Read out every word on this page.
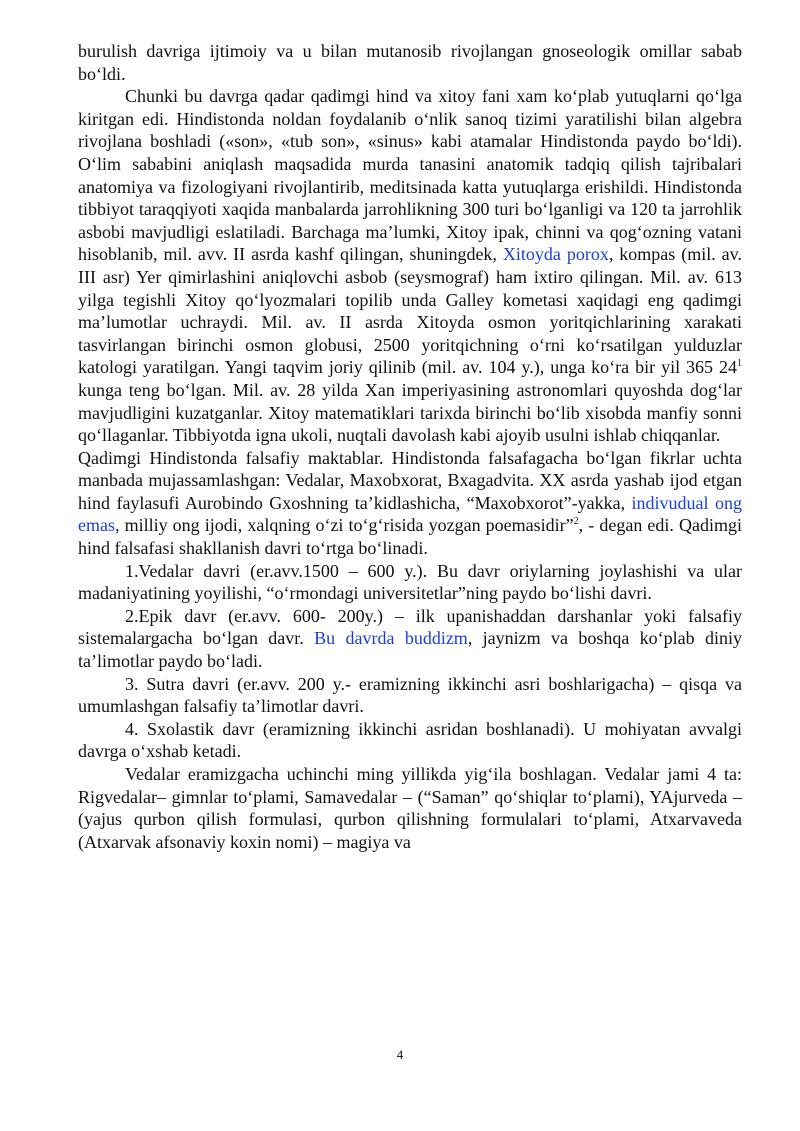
burulish davriga ijtimoiy va u bilan mutanosib rivojlangan gnoseologik omillar sabab bo‘ldi.

Chunki bu davrga qadar qadimgi hind va xitoy fani xam ko‘plab yutuqlarni qo‘lga kiritgan edi. Hindistonda noldan foydalanib o‘nlik sanoq tizimi yaratilishi bilan algebra rivojlana boshladi («son», «tub son», «sinus» kabi atamalar Hindistonda paydo bo‘ldi). O‘lim sababini aniqlash maqsadida murda tanasini anatomik tadqiq qilish tajribalari anatomiya va fizologiyani rivojlantirib, meditsinada katta yutuqlarga erishildi. Hindistonda tibbiyot taraqqiyoti xaqida manbalarda jarrohlikning 300 turi bo‘lganligi va 120 ta jarrohlik asbobi mavjudligi eslatiladi. Barchaga ma’lumki, Xitoy ipak, chinni va qog‘ozning vatani hisoblanib, mil. avv. II asrda kashf qilingan, shuningdek, Xitoyda porox, kompas (mil. av. III asr) Yer qimirlashini aniqlovchi asbob (seysmograf) ham ixtiro qilingan. Mil. av. 613 yilga tegishli Xitoy qo‘lyozmalari topilib unda Galley kometasi xaqidagi eng qadimgi ma’lumotlar uchraydi. Mil. av. II asrda Xitoyda osmon yoritqichlarining xarakati tasvirlangan birinchi osmon globusi, 2500 yoritqichning o‘rni ko‘rsatilgan yulduzlar katologi yaratilgan. Yangi taqvim joriy qilinib (mil. av. 104 y.), unga ko‘ra bir yil 365 $24^1$ kunga teng bo‘lgan. Mil. av. 28 yilda Xan imperiyasining astronomlari quyoshda dog‘lar mavjudligini kuzatganlar. Xitoy matematiklari tarixda birinchi bo‘lib xisobda manfiy sonni qo‘llaganlar. Tibbiyotda igna ukoli, nuqtali davolash kabi ajoyib usulni ishlab chiqqanlar.

Qadimgi Hindistonda falsafiy maktablar. Hindistonda falsafagacha bo‘lgan fikrlar uchta manbada mujassamlashgan: Vedalar, Maxobxorat, Bxagadvita. XX asrda yashab ijod etgan hind faylasufi Aurobindo Gxoshning ta’kidlashicha, “Maxobxorot”-yakka, indivudual ong emas, milliy ong ijodi, xalqning o‘zi to‘g‘risida yozgan poemasidir”$^2$, - degan edi. Qadimgi hind falsafasi shakllanish davri to‘rtga bo‘linadi.

1.Vedalar davri (er.avv.1500 – 600 y.). Bu davr oriylarning joylashishi va ular madaniyatining yoyilishi, “o‘rmondagi universitetlar”ning paydo bo‘lishi davri.

2.Epik davr (er.avv. 600- 200y.) – ilk upanishaddan darshanlar yoki falsafiy sistemalargacha bo‘lgan davr. Bu davrda buddizm, jaynizm va boshqa ko‘plab diniy ta’limotlar paydo bo‘ladi.

3. Sutra davri (er.avv. 200 y.- eramizning ikkinchi asri boshlarigacha) – qisqa va umumlashgan falsafiy ta’limotlar davri.

4. Sxolastik davr (eramizning ikkinchi asridan boshlanadi). U mohiyatan avvalgi davrga o‘xshab ketadi.

Vedalar eramizgacha uchinchi ming yillikda yig‘ila boshlagan. Vedalar jami 4 ta: Rigvedalar– gimnlar to‘plami, Samavedalar – (“Saman” qo‘shiqlar to‘plami), YAjurveda – (yajus qurbon qilish formulasi, qurbon qilishning formulalari to‘plami, Atxarvaveda (Atxarvak afsonaviy koxin nomi) – magiya va

4
